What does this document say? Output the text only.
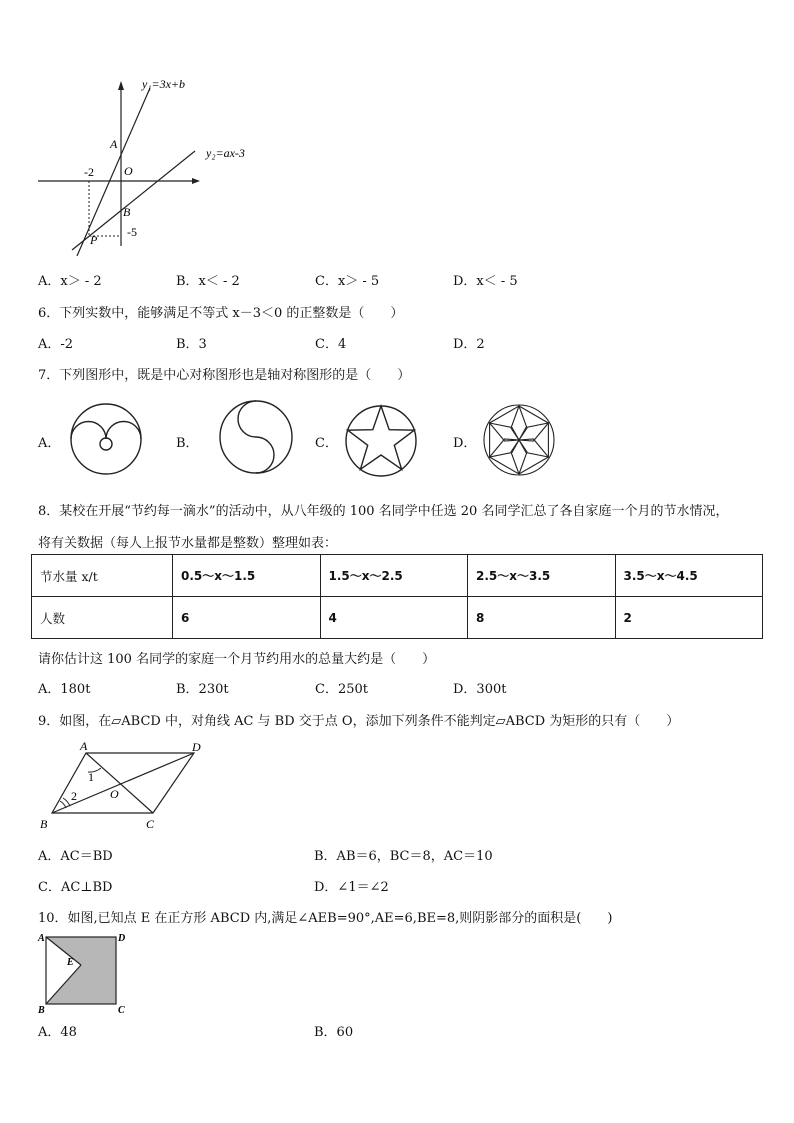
y₁=3x+b
y₂=ax-3
A
O
B
P
-2
-5
A．x＞ - 2	B．x＜ - 2	C．x＞ - 5	D．x＜ - 5
6．下列实数中，能够满足不等式 x－3＜0 的正整数是（　　）
A．-2	B．3	C．4	D．2
7．下列图形中，既是中心对称图形也是轴对称图形的是（　　）
A．	B．	C．	D．
8．某校在开展“节约每一滴水”的活动中，从八年级的 100 名同学中任选 20 名同学汇总了各自家庭一个月的节水情况，
将有关数据（每人上报节水量都是整数）整理如表：
节水量 x/t	0.5～x～1.5	1.5～x～2.5	2.5～x～3.5	3.5～x～4.5
人数	6	4	8	2
请你估计这 100 名同学的家庭一个月节约用水的总量大约是（　　）
A．180t	B．230t	C．250t	D．300t
9．如图，在▱ABCD 中，对角线 AC 与 BD 交于点 O，添加下列条件不能判定▱ABCD 为矩形的只有（　　）
A	D
B	C
O
1
2
A．AC＝BD	B．AB＝6，BC＝8，AC＝10
C．AC⊥BD	D．∠1＝∠2
10．如图,已知点 E 在正方形 ABCD 内,满足∠AEB=90°,AE=6,BE=8,则阴影部分的面积是(　　)
A	D
B	C
E
A．48	B．60
